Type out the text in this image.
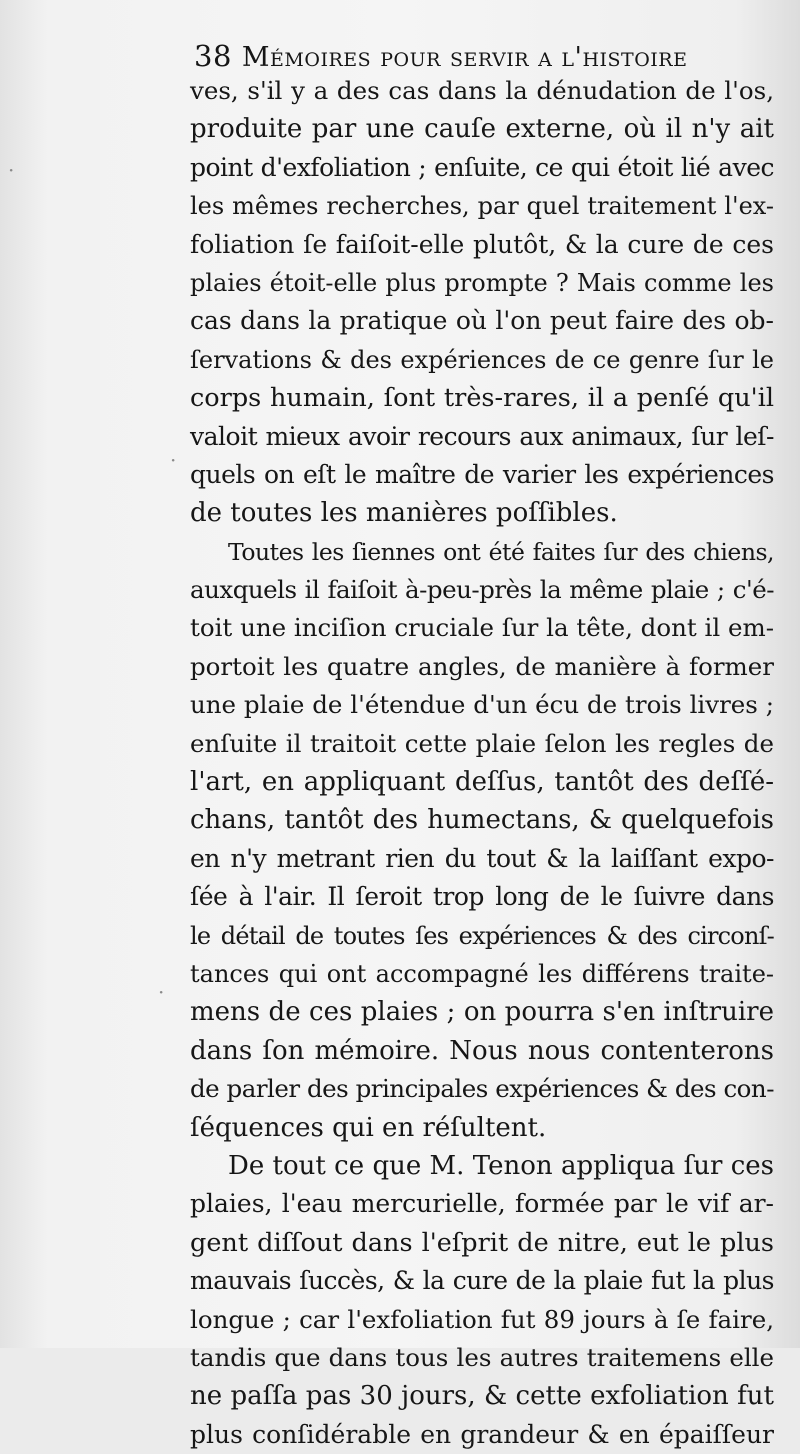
38 Mémoires pour servir a l'histoire
ves, s'il y a des cas dans la dénudation de l'os,
produite par une cauſe externe, où il n'y ait
point d'exfoliation ; enſuite, ce qui étoit lié avec
les mêmes recherches, par quel traitement l'ex-
foliation ſe faiſoit-elle plutôt, & la cure de ces
plaies étoit-elle plus prompte ? Mais comme les
cas dans la pratique où l'on peut faire des ob-
ſervations & des expériences de ce genre ſur le
corps humain, ſont très-rares, il a penſé qu'il
valoit mieux avoir recours aux animaux, ſur leſ-
quels on eſt le maître de varier les expériences
de toutes les manières poſſibles.
Toutes les ſiennes ont été faites ſur des chiens,
auxquels il faiſoit à-peu-près la même plaie ; c'é-
toit une inciſion cruciale ſur la tête, dont il em-
portoit les quatre angles, de manière à former
une plaie de l'étendue d'un écu de trois livres ;
enſuite il traitoit cette plaie ſelon les regles de
l'art, en appliquant deſſus, tantôt des deſſé-
chans, tantôt des humectans, & quelquefois
en n'y metrant rien du tout & la laiſſant expo-
ſée à l'air. Il ſeroit trop long de le ſuivre dans
le détail de toutes ſes expériences & des circonſ-
tances qui ont accompagné les différens traite-
mens de ces plaies ; on pourra s'en inſtruire
dans ſon mémoire. Nous nous contenterons
de parler des principales expériences & des con-
ſéquences qui en réſultent.
De tout ce que M. Tenon appliqua ſur ces
plaies, l'eau mercurielle, formée par le vif ar-
gent diſſout dans l'eſprit de nitre, eut le plus
mauvais ſuccès, & la cure de la plaie fut la plus
longue ; car l'exfoliation fut 89 jours à ſe faire,
tandis que dans tous les autres traitemens elle
ne paſſa pas 30 jours, & cette exfoliation fut
plus conſidérable en grandeur & en épaiſſeur
·
·
·
